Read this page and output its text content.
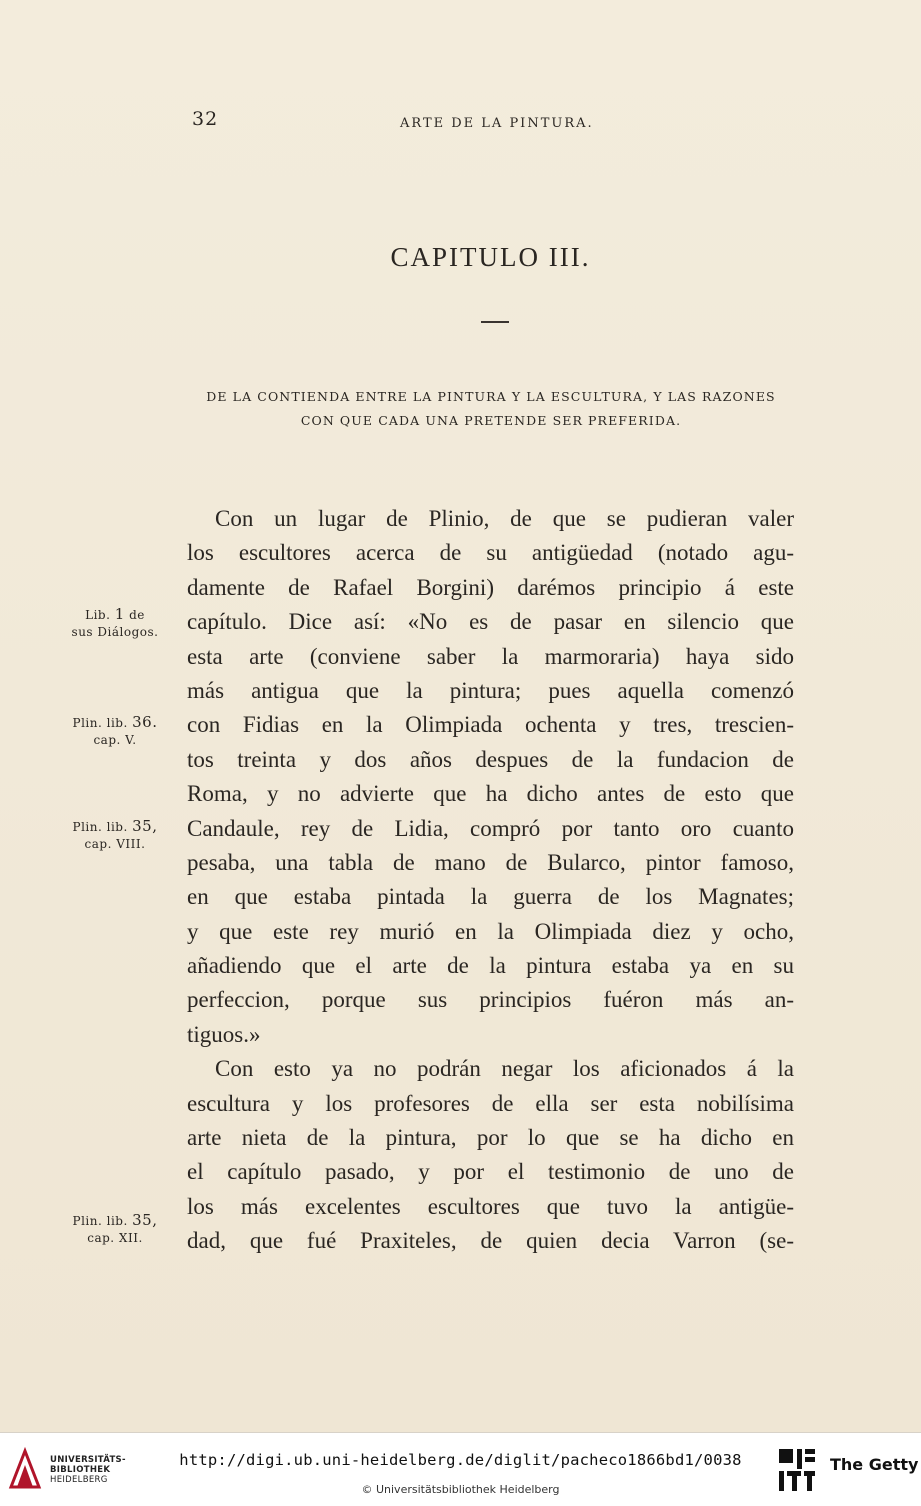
32	ARTE DE LA PINTURA.
CAPITULO III.
DE LA CONTIENDA ENTRE LA PINTURA Y LA ESCULTURA, Y LAS RAZONES
CON QUE CADA UNA PRETENDE SER PREFERIDA.
Con un lugar de Plinio, de que se pudieran valer
los escultores acerca de su antigüedad (notado agu-
damente de Rafael Borgini) darémos principio á este
capítulo. Dice así: «No es de pasar en silencio que
esta arte (conviene saber la marmoraria) haya sido
más antigua que la pintura; pues aquella comenzó
con Fidias en la Olimpiada ochenta y tres, trescien-
tos treinta y dos años despues de la fundacion de
Roma, y no advierte que ha dicho antes de esto que
Candaule, rey de Lidia, compró por tanto oro cuanto
pesaba, una tabla de mano de Bularco, pintor famoso,
en que estaba pintada la guerra de los Magnates;
y que este rey murió en la Olimpiada diez y ocho,
añadiendo que el arte de la pintura estaba ya en su
perfeccion, porque sus principios fuéron más an-
tiguos.»
Con esto ya no podrán negar los aficionados á la
escultura y los profesores de ella ser esta nobilísima
arte nieta de la pintura, por lo que se ha dicho en
el capítulo pasado, y por el testimonio de uno de
los más excelentes escultores que tuvo la antigüe-
dad, que fué Praxiteles, de quien decia Varron (se-
Lib. 1 de
sus Diálogos.
Plin. lib. 36.
cap. V.
Plin. lib. 35,
cap. VIII.
Plin. lib. 35,
cap. XII.
UNIVERSITÄTS-
BIBLIOTHEK
HEIDELBERG
http://digi.ub.uni-heidelberg.de/diglit/pacheco1866bd1/0038
© Universitätsbibliothek Heidelberg
The Getty
